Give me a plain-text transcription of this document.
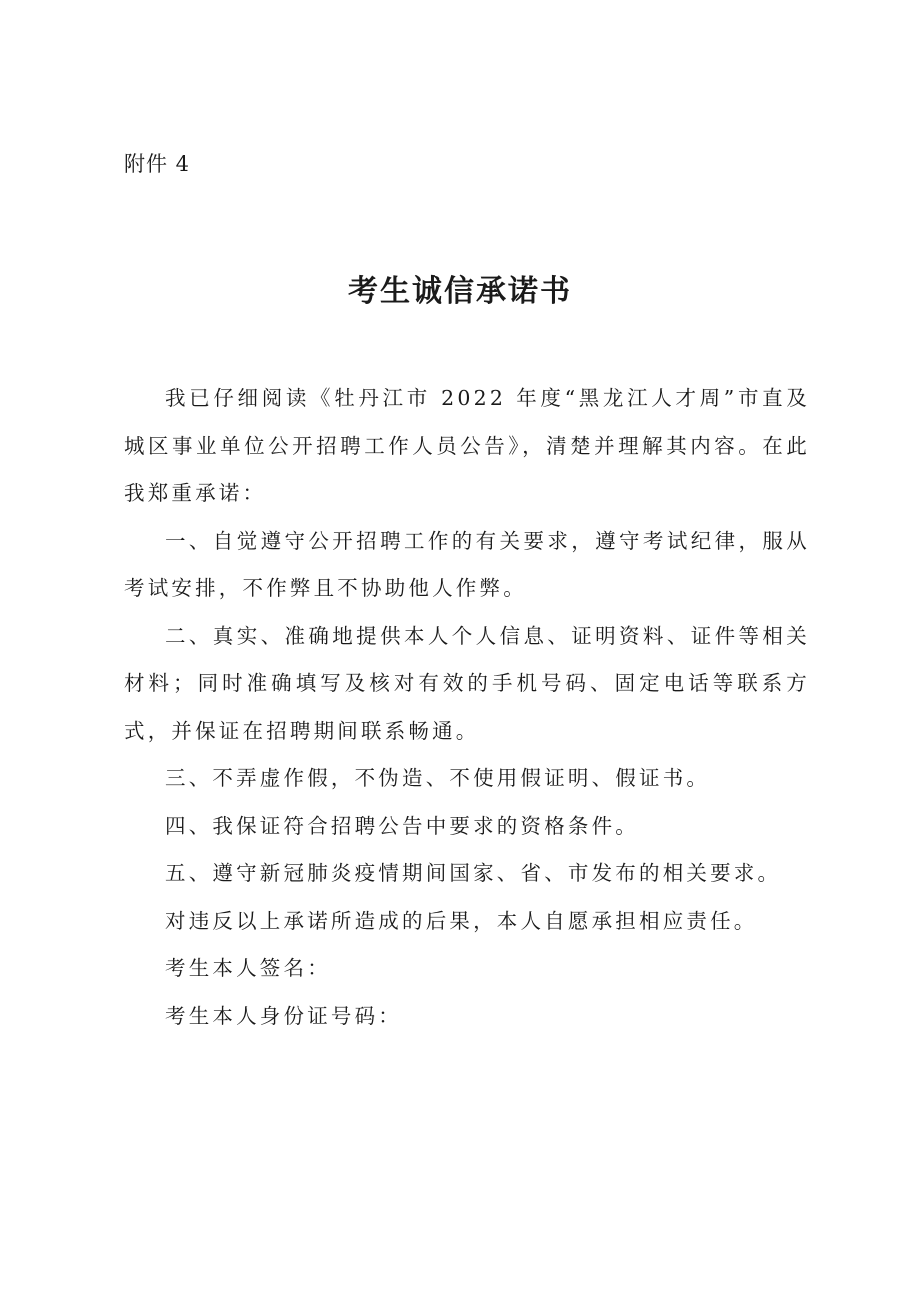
附件 4
考生诚信承诺书

我已仔细阅读《牡丹江市 2022 年度“黑龙江人才周”市直及城区事业单位公开招聘工作人员公告》，清楚并理解其内容。在此我郑重承诺：

一、自觉遵守公开招聘工作的有关要求，遵守考试纪律，服从考试安排，不作弊且不协助他人作弊。

二、真实、准确地提供本人个人信息、证明资料、证件等相关材料；同时准确填写及核对有效的手机号码、固定电话等联系方式，并保证在招聘期间联系畅通。

三、不弄虚作假，不伪造、不使用假证明、假证书。

四、我保证符合招聘公告中要求的资格条件。

五、遵守新冠肺炎疫情期间国家、省、市发布的相关要求。

对违反以上承诺所造成的后果，本人自愿承担相应责任。

考生本人签名：

考生本人身份证号码：
